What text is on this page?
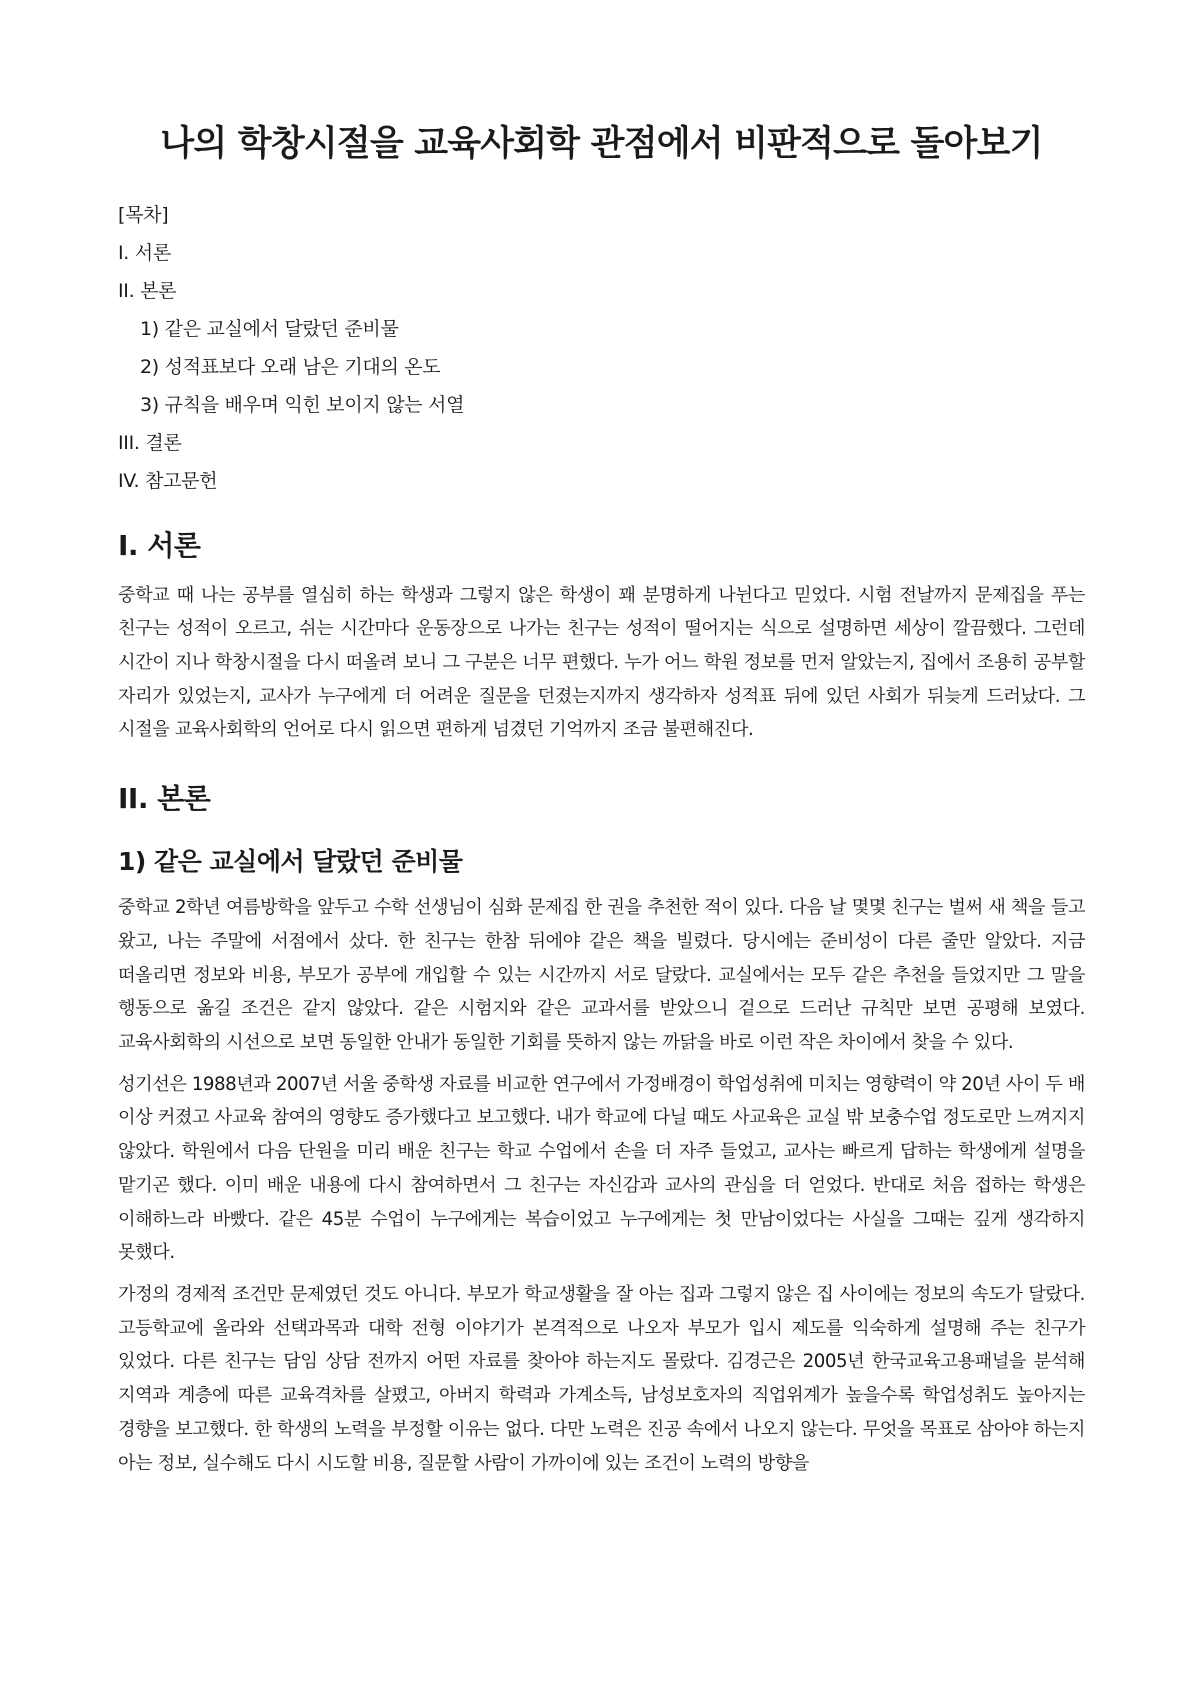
나의 학창시절을 교육사회학 관점에서 비판적으로 돌아보기

[목차]

I. 서론

II. 본론

1) 같은 교실에서 달랐던 준비물

2) 성적표보다 오래 남은 기대의 온도

3) 규칙을 배우며 익힌 보이지 않는 서열

III. 결론

IV. 참고문헌

I. 서론

중학교 때 나는 공부를 열심히 하는 학생과 그렇지 않은 학생이 꽤 분명하게 나뉜다고 믿었다. 시험 전날까지 문제집을 푸는 친구는 성적이 오르고, 쉬는 시간마다 운동장으로 나가는 친구는 성적이 떨어지는 식으로 설명하면 세상이 깔끔했다. 그런데 시간이 지나 학창시절을 다시 떠올려 보니 그 구분은 너무 편했다. 누가 어느 학원 정보를 먼저 알았는지, 집에서 조용히 공부할 자리가 있었는지, 교사가 누구에게 더 어려운 질문을 던졌는지까지 생각하자 성적표 뒤에 있던 사회가 뒤늦게 드러났다. 그 시절을 교육사회학의 언어로 다시 읽으면 편하게 넘겼던 기억까지 조금 불편해진다.

II. 본론
1) 같은 교실에서 달랐던 준비물

중학교 2학년 여름방학을 앞두고 수학 선생님이 심화 문제집 한 권을 추천한 적이 있다. 다음 날 몇몇 친구는 벌써 새 책을 들고 왔고, 나는 주말에 서점에서 샀다. 한 친구는 한참 뒤에야 같은 책을 빌렸다. 당시에는 준비성이 다른 줄만 알았다. 지금 떠올리면 정보와 비용, 부모가 공부에 개입할 수 있는 시간까지 서로 달랐다. 교실에서는 모두 같은 추천을 들었지만 그 말을 행동으로 옮길 조건은 같지 않았다. 같은 시험지와 같은 교과서를 받았으니 겉으로 드러난 규칙만 보면 공평해 보였다. 교육사회학의 시선으로 보면 동일한 안내가 동일한 기회를 뜻하지 않는 까닭을 바로 이런 작은 차이에서 찾을 수 있다.

성기선은 1988년과 2007년 서울 중학생 자료를 비교한 연구에서 가정배경이 학업성취에 미치는 영향력이 약 20년 사이 두 배 이상 커졌고 사교육 참여의 영향도 증가했다고 보고했다. 내가 학교에 다닐 때도 사교육은 교실 밖 보충수업 정도로만 느껴지지 않았다. 학원에서 다음 단원을 미리 배운 친구는 학교 수업에서 손을 더 자주 들었고, 교사는 빠르게 답하는 학생에게 설명을 맡기곤 했다. 이미 배운 내용에 다시 참여하면서 그 친구는 자신감과 교사의 관심을 더 얻었다. 반대로 처음 접하는 학생은 이해하느라 바빴다. 같은 45분 수업이 누구에게는 복습이었고 누구에게는 첫 만남이었다는 사실을 그때는 깊게 생각하지 못했다.

가정의 경제적 조건만 문제였던 것도 아니다. 부모가 학교생활을 잘 아는 집과 그렇지 않은 집 사이에는 정보의 속도가 달랐다. 고등학교에 올라와 선택과목과 대학 전형 이야기가 본격적으로 나오자 부모가 입시 제도를 익숙하게 설명해 주는 친구가 있었다. 다른 친구는 담임 상담 전까지 어떤 자료를 찾아야 하는지도 몰랐다. 김경근은 2005년 한국교육고용패널을 분석해 지역과 계층에 따른 교육격차를 살폈고, 아버지 학력과 가계소득, 남성보호자의 직업위계가 높을수록 학업성취도 높아지는 경향을 보고했다. 한 학생의 노력을 부정할 이유는 없다. 다만 노력은 진공 속에서 나오지 않는다. 무엇을 목표로 삼아야 하는지 아는 정보, 실수해도 다시 시도할 비용, 질문할 사람이 가까이에 있는 조건이 노력의 방향을
